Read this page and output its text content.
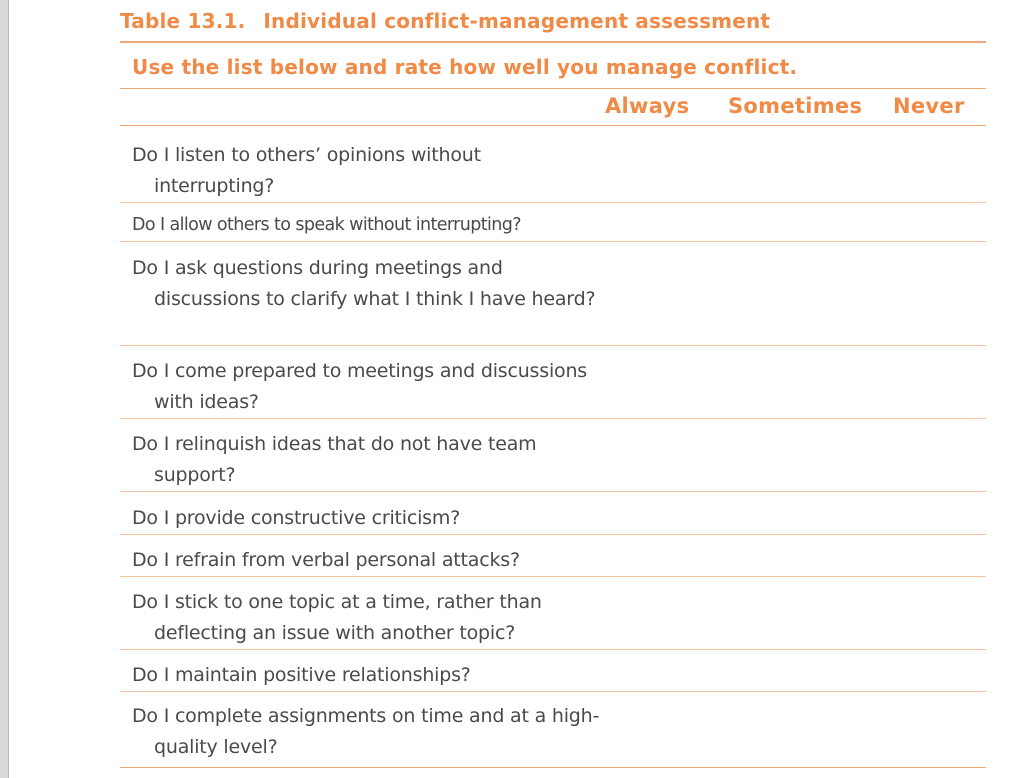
Table 13.1. Individual conflict-management assessment
Use the list below and rate how well you manage conflict.
Always Sometimes Never
Do I listen to others’ opinions without interrupting?
Do I allow others to speak without interrupting?
Do I ask questions during meetings and discussions to clarify what I think I have heard?
Do I come prepared to meetings and discussions with ideas?
Do I relinquish ideas that do not have team support?
Do I provide constructive criticism?
Do I refrain from verbal personal attacks?
Do I stick to one topic at a time, rather than deflecting an issue with another topic?
Do I maintain positive relationships?
Do I complete assignments on time and at a high-quality level?
